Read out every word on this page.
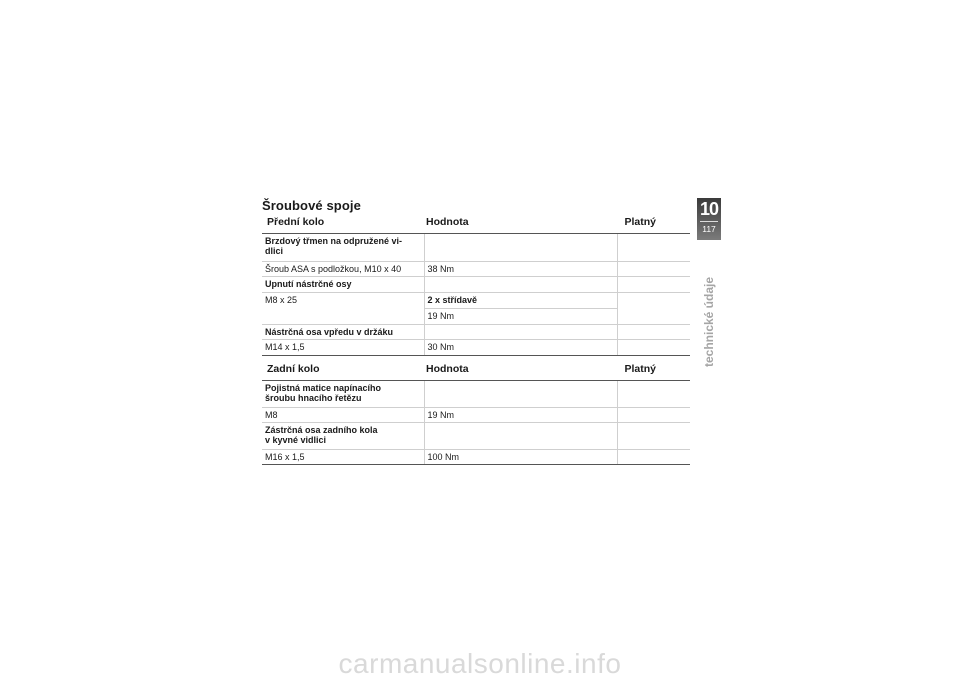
Šroubové spoje
Přední kolo	Hodnota	Platný
Brzdový třmen na odpružené vi-
dlici		
Šroub ASA s podložkou, M10 x 40	38 Nm	
Upnutí nástrčné osy		
M8 x 25	2 x střídavě	
	19 Nm	
Nástrčná osa vpředu v držáku		
M14 x 1,5	30 Nm	
Zadní kolo	Hodnota	Platný
Pojistná matice napínacího
šroubu hnacího řetězu		
M8	19 Nm	
Zástrčná osa zadního kola
v kyvné vidlici		
M16 x 1,5	100 Nm	
10
117
technické údaje
carmanualsonline.info
